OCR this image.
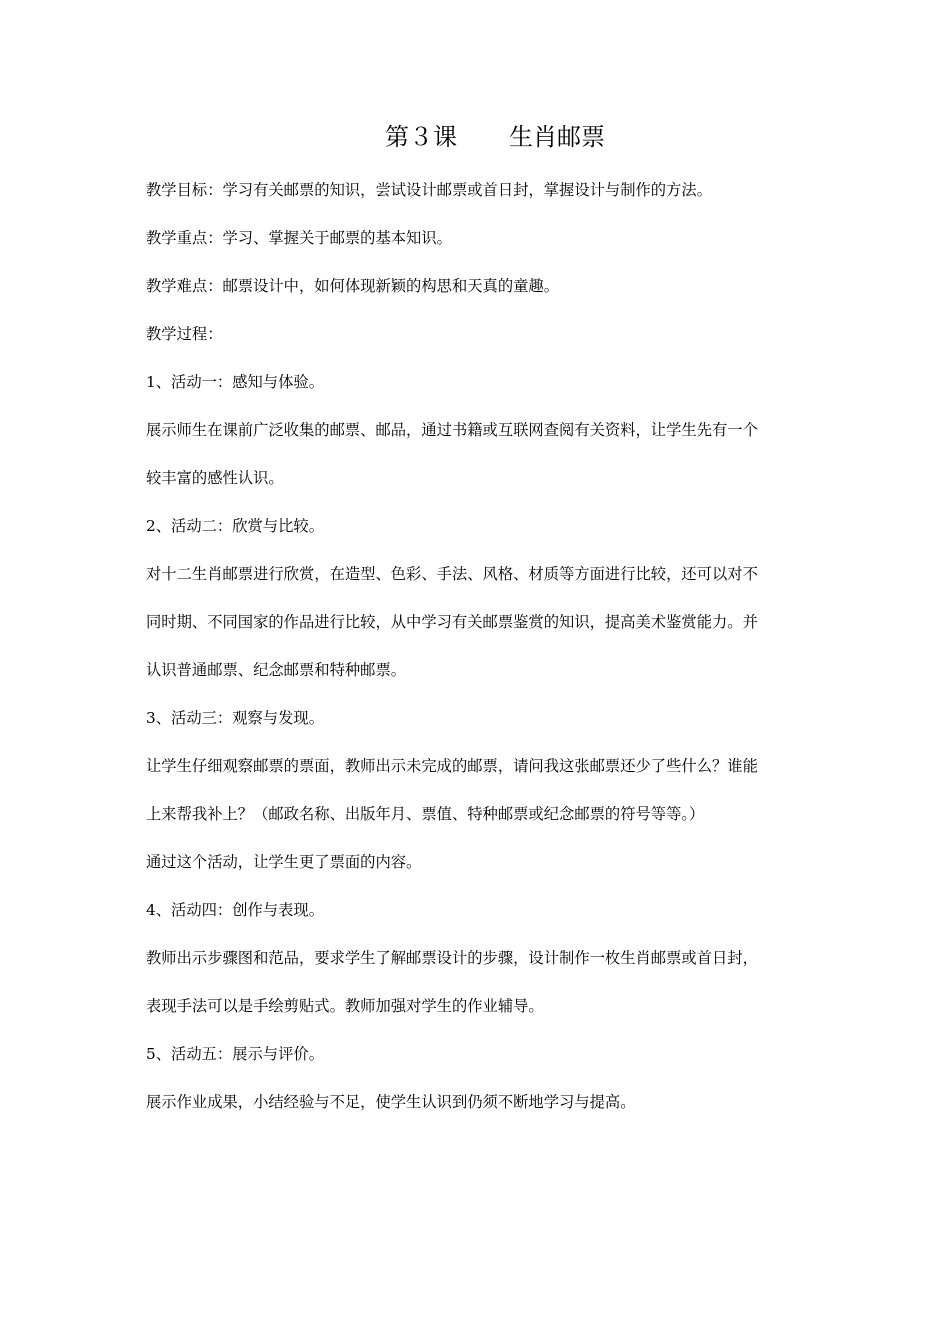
第３课 生肖邮票
教学目标：学习有关邮票的知识，尝试设计邮票或首日封，掌握设计与制作的方法。
教学重点：学习、掌握关于邮票的基本知识。
教学难点：邮票设计中，如何体现新颖的构思和天真的童趣。
教学过程：
1、活动一：感知与体验。
展示师生在课前广泛收集的邮票、邮品，通过书籍或互联网查阅有关资料，让学生先有一个
较丰富的感性认识。
2、活动二：欣赏与比较。
对十二生肖邮票进行欣赏，在造型、色彩、手法、风格、材质等方面进行比较，还可以对不
同时期、不同国家的作品进行比较，从中学习有关邮票鉴赏的知识，提高美术鉴赏能力。并
认识普通邮票、纪念邮票和特种邮票。
3、活动三：观察与发现。
让学生仔细观察邮票的票面，教师出示未完成的邮票，请问我这张邮票还少了些什么？谁能
上来帮我补上？（邮政名称、出版年月、票值、特种邮票或纪念邮票的符号等等。）
通过这个活动，让学生更了票面的内容。
4、活动四：创作与表现。
教师出示步骤图和范品，要求学生了解邮票设计的步骤，设计制作一枚生肖邮票或首日封，
表现手法可以是手绘剪贴式。教师加强对学生的作业辅导。
5、活动五：展示与评价。
展示作业成果，小结经验与不足，使学生认识到仍须不断地学习与提高。
